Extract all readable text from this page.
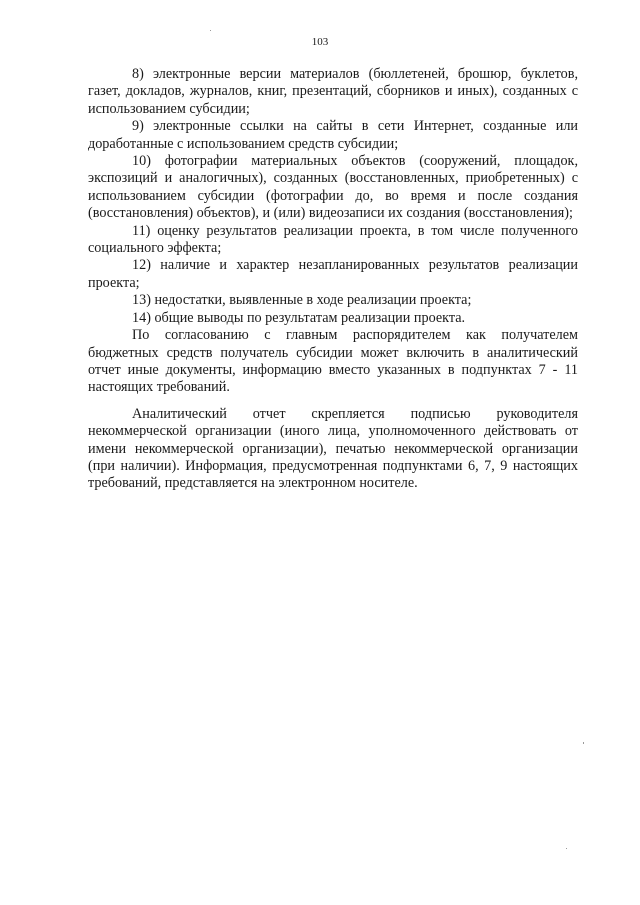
103

8) электронные версии материалов (бюллетеней, брошюр, буклетов, газет, докладов, журналов, книг, презентаций, сборников и иных), созданных с использованием субсидии;

9) электронные ссылки на сайты в сети Интернет, созданные или доработанные с использованием средств субсидии;

10) фотографии материальных объектов (сооружений, площадок, экспозиций и аналогичных), созданных (восстановленных, приобретенных) с использованием субсидии (фотографии до, во время и после создания (восстановления) объектов), и (или) видеозаписи их создания (восстановления);

11) оценку результатов реализации проекта, в том числе полученного социального эффекта;

12) наличие и характер незапланированных результатов реализации проекта;

13) недостатки, выявленные в ходе реализации проекта;

14) общие выводы по результатам реализации проекта.

По согласованию с главным распорядителем как получателем бюджетных средств получатель субсидии может включить в аналитический отчет иные документы, информацию вместо указанных в подпунктах 7 - 11 настоящих требований.

Аналитический отчет скрепляется подписью руководителя некоммерческой организации (иного лица, уполномоченного действовать от имени некоммерческой организации), печатью некоммерческой организации (при наличии). Информация, предусмотренная подпунктами 6, 7, 9 настоящих требований, представляется на электронном носителе.
